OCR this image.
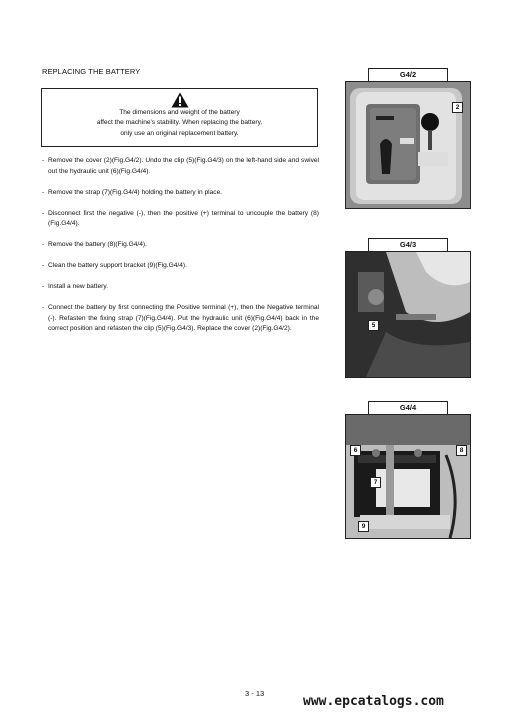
REPLACING THE BATTERY
The dimensions and weight of the battery
affect the machine's stability. When replacing the battery,
only use an original replacement battery.
- Remove the cover (2)(Fig.G4/2). Undo the clip (5)(Fig.G4/3) on the left-hand side and swivel out the hydraulic unit (6)(Fig.G4/4).
- Remove the strap (7)(Fig.G4/4) holding the battery in place.
- Disconnect first the negative (-), then the positive (+) terminal to uncouple the battery (8)(Fig.G4/4).
- Remove the battery (8)(Fig.G4/4).
- Clean the battery support bracket (9)(Fig.G4/4).
- Install a new battery.
- Connect the battery by first connecting the Positive terminal (+), then the Negative terminal (-). Refasten the fixing strap (7)(Fig.G4/4). Put the hydraulic unit (6)(Fig.G4/4) back in the correct position and refasten the clip (5)(Fig.G4/3). Replace the cover (2)(Fig.G4/2).
G4/2
2
G4/3
5
G4/4
6	8
7
9
3 - 13
www.epcatalogs.com
